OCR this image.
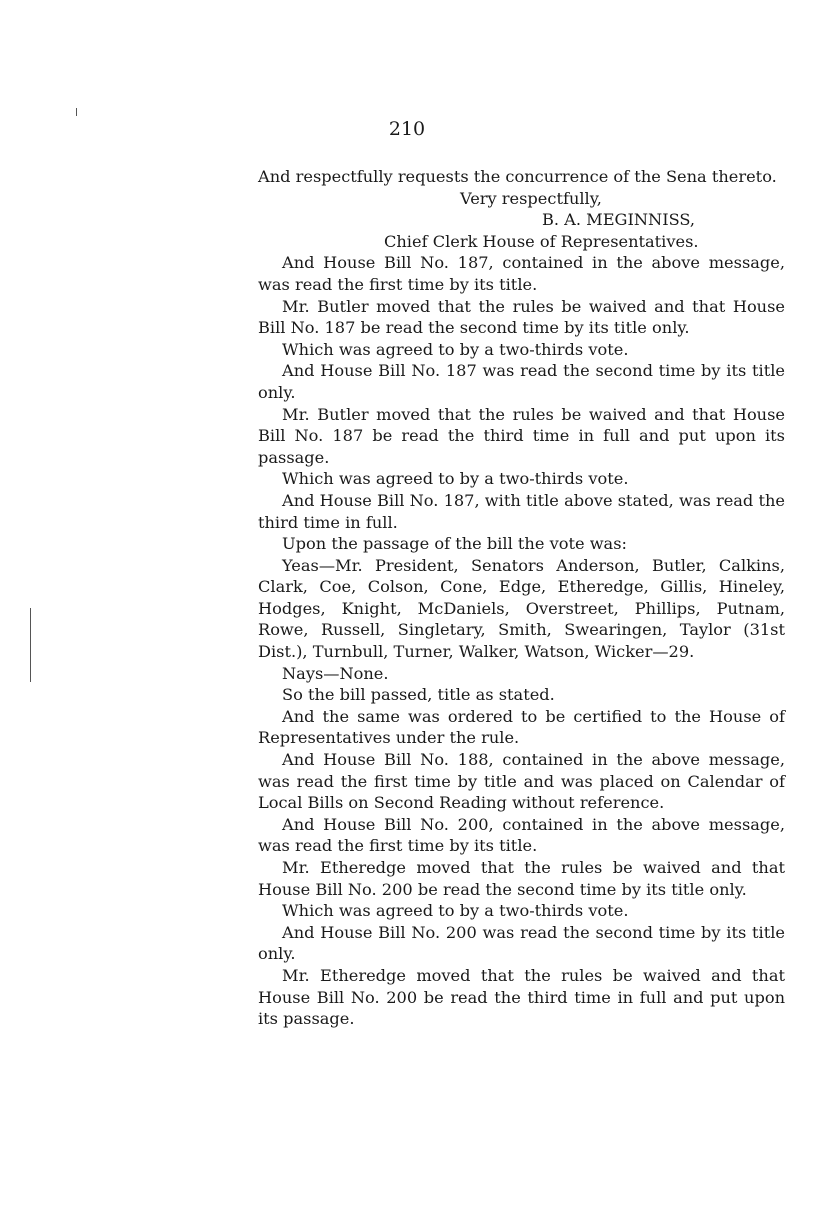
210

And respectfully requests the concurrence of the Sena thereto.

Very respectfully,
B. A. MEGINNISS,
Chief Clerk House of Representatives.

And House Bill No. 187, contained in the above message, was read the first time by its title.

Mr. Butler moved that the rules be waived and that House Bill No. 187 be read the second time by its title only.

Which was agreed to by a two-thirds vote.

And House Bill No. 187 was read the second time by its title only.

Mr. Butler moved that the rules be waived and that House Bill No. 187 be read the third time in full and put upon its passage.

Which was agreed to by a two-thirds vote.

And House Bill No. 187, with title above stated, was read the third time in full.

Upon the passage of the bill the vote was:

Yeas—Mr. President, Senators Anderson, Butler, Calkins, Clark, Coe, Colson, Cone, Edge, Etheredge, Gillis, Hineley, Hodges, Knight, McDaniels, Overstreet, Phillips, Putnam, Rowe, Russell, Singletary, Smith, Swearingen, Taylor (31st Dist.), Turnbull, Turner, Walker, Watson, Wicker—29.

Nays—None.

So the bill passed, title as stated.

And the same was ordered to be certified to the House of Representatives under the rule.

And House Bill No. 188, contained in the above message, was read the first time by title and was placed on Calendar of Local Bills on Second Reading without reference.

And House Bill No. 200, contained in the above message, was read the first time by its title.

Mr. Etheredge moved that the rules be waived and that House Bill No. 200 be read the second time by its title only.

Which was agreed to by a two-thirds vote.

And House Bill No. 200 was read the second time by its title only.

Mr. Etheredge moved that the rules be waived and that House Bill No. 200 be read the third time in full and put upon its passage.
